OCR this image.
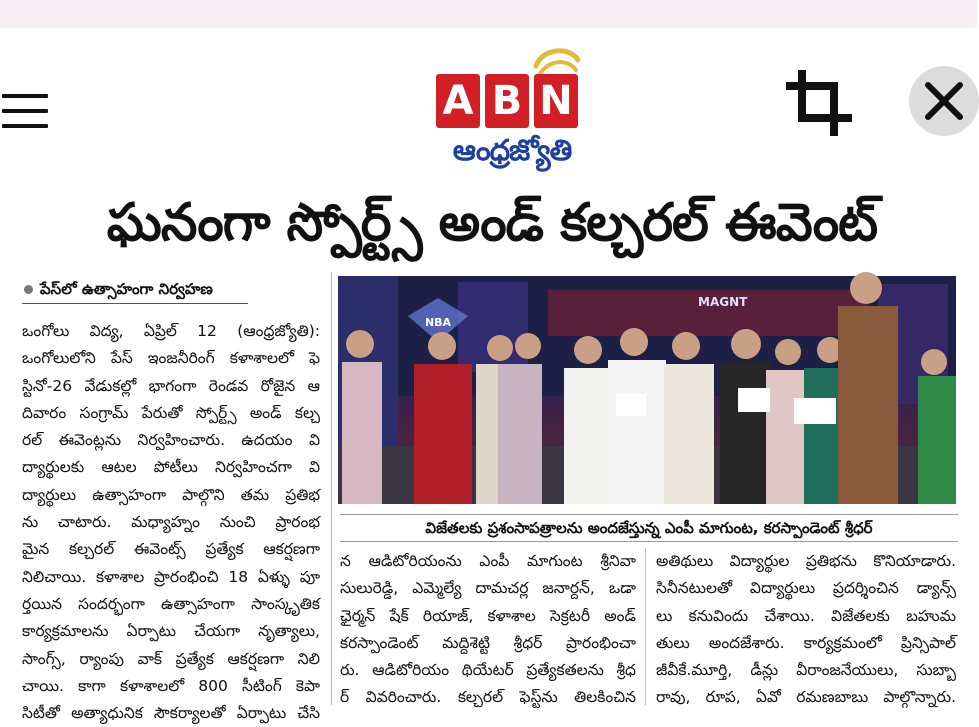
A B N
ఆంధ్రజ్యోతి
ఘనంగా స్పోర్ట్స్ అండ్ కల్చరల్ ఈవెంట్
పేస్‌లో ఉత్సాహంగా నిర్వహణ
ఒంగోలు విద్య, ఏప్రిల్ 12 (ఆంధ్రజ్యోతి):
ఒంగోలులోని పేస్ ఇంజనీరింగ్ కళాశాలలో ఫె
స్టినో-26 వేడుకల్లో భాగంగా రెండవ రోజైన ఆ
దివారం సంగ్రామ్ పేరుతో స్పోర్ట్స్ అండ్ కల్చ
రల్ ఈవెంట్లను నిర్వహించారు. ఉదయం వి
ద్యార్థులకు ఆటల పోటీలు నిర్వహించగా వి
ద్యార్థులు ఉత్సాహంగా పాల్గొని తమ ప్రతిభ
ను చాటారు. మధ్యాహ్నం నుంచి ప్రారంభ
మైన కల్చరల్ ఈవెంట్స్ ప్రత్యేక ఆకర్షణగా
నిలిచాయి. కళాశాల ప్రారంభించి 18 ఏళ్ళు పూ
ర్తయిన సందర్భంగా ఉత్సాహంగా సాంస్కృతిక
కార్యక్రమాలను ఏర్పాటు చేయగా నృత్యాలు,
సాంగ్స్, ర్యాంపు వాక్ ప్రత్యేక ఆకర్షణగా నిలి
చాయి. కాగా కళాశాలలో 800 సీటింగ్ కెపా
సిటీతో అత్యాధునిక సౌకర్యాలతో ఏర్పాటు చేసి
MAGNT
NBA
విజేతలకు ప్రశంసాపత్రాలను అందజేస్తున్న ఎంపీ మాగుంట, కరస్పాండెంట్ శ్రీధర్
న ఆడిటోరియంను ఎంపీ మాగుంట శ్రీనివా
సులురెడ్డి, ఎమ్మెల్యే దామచర్ల జనార్దన్, ఒడా
ఛైర్మన్ షేక్ రియాజ్, కళాశాల సెక్రటరీ అండ్
కరస్పాండెంట్ మద్దిశెట్టి శ్రీధర్ ప్రారంభించా
రు. ఆడిటోరియం థియేటర్ ప్రత్యేకతలను శ్రీధ
ర్ వివరించారు. కల్చరల్ ఫెస్ట్‌ను తిలకించిన
అతిథులు విద్యార్థుల ప్రతిభను కొనియాడారు.
సినీనటులతో విద్యార్థులు ప్రదర్శించిన డ్యాన్స్
లు కనువిందు చేశాయి. విజేతలకు బహుమ
తులు అందజేశారు. కార్యక్రమంలో ప్రిన్సిపాల్
జీవీకే.మూర్తి, డీన్లు వీరాంజనేయులు, సుబ్బా
రావు, రూప, ఏవో రమణబాబు పాల్గొన్నారు.
